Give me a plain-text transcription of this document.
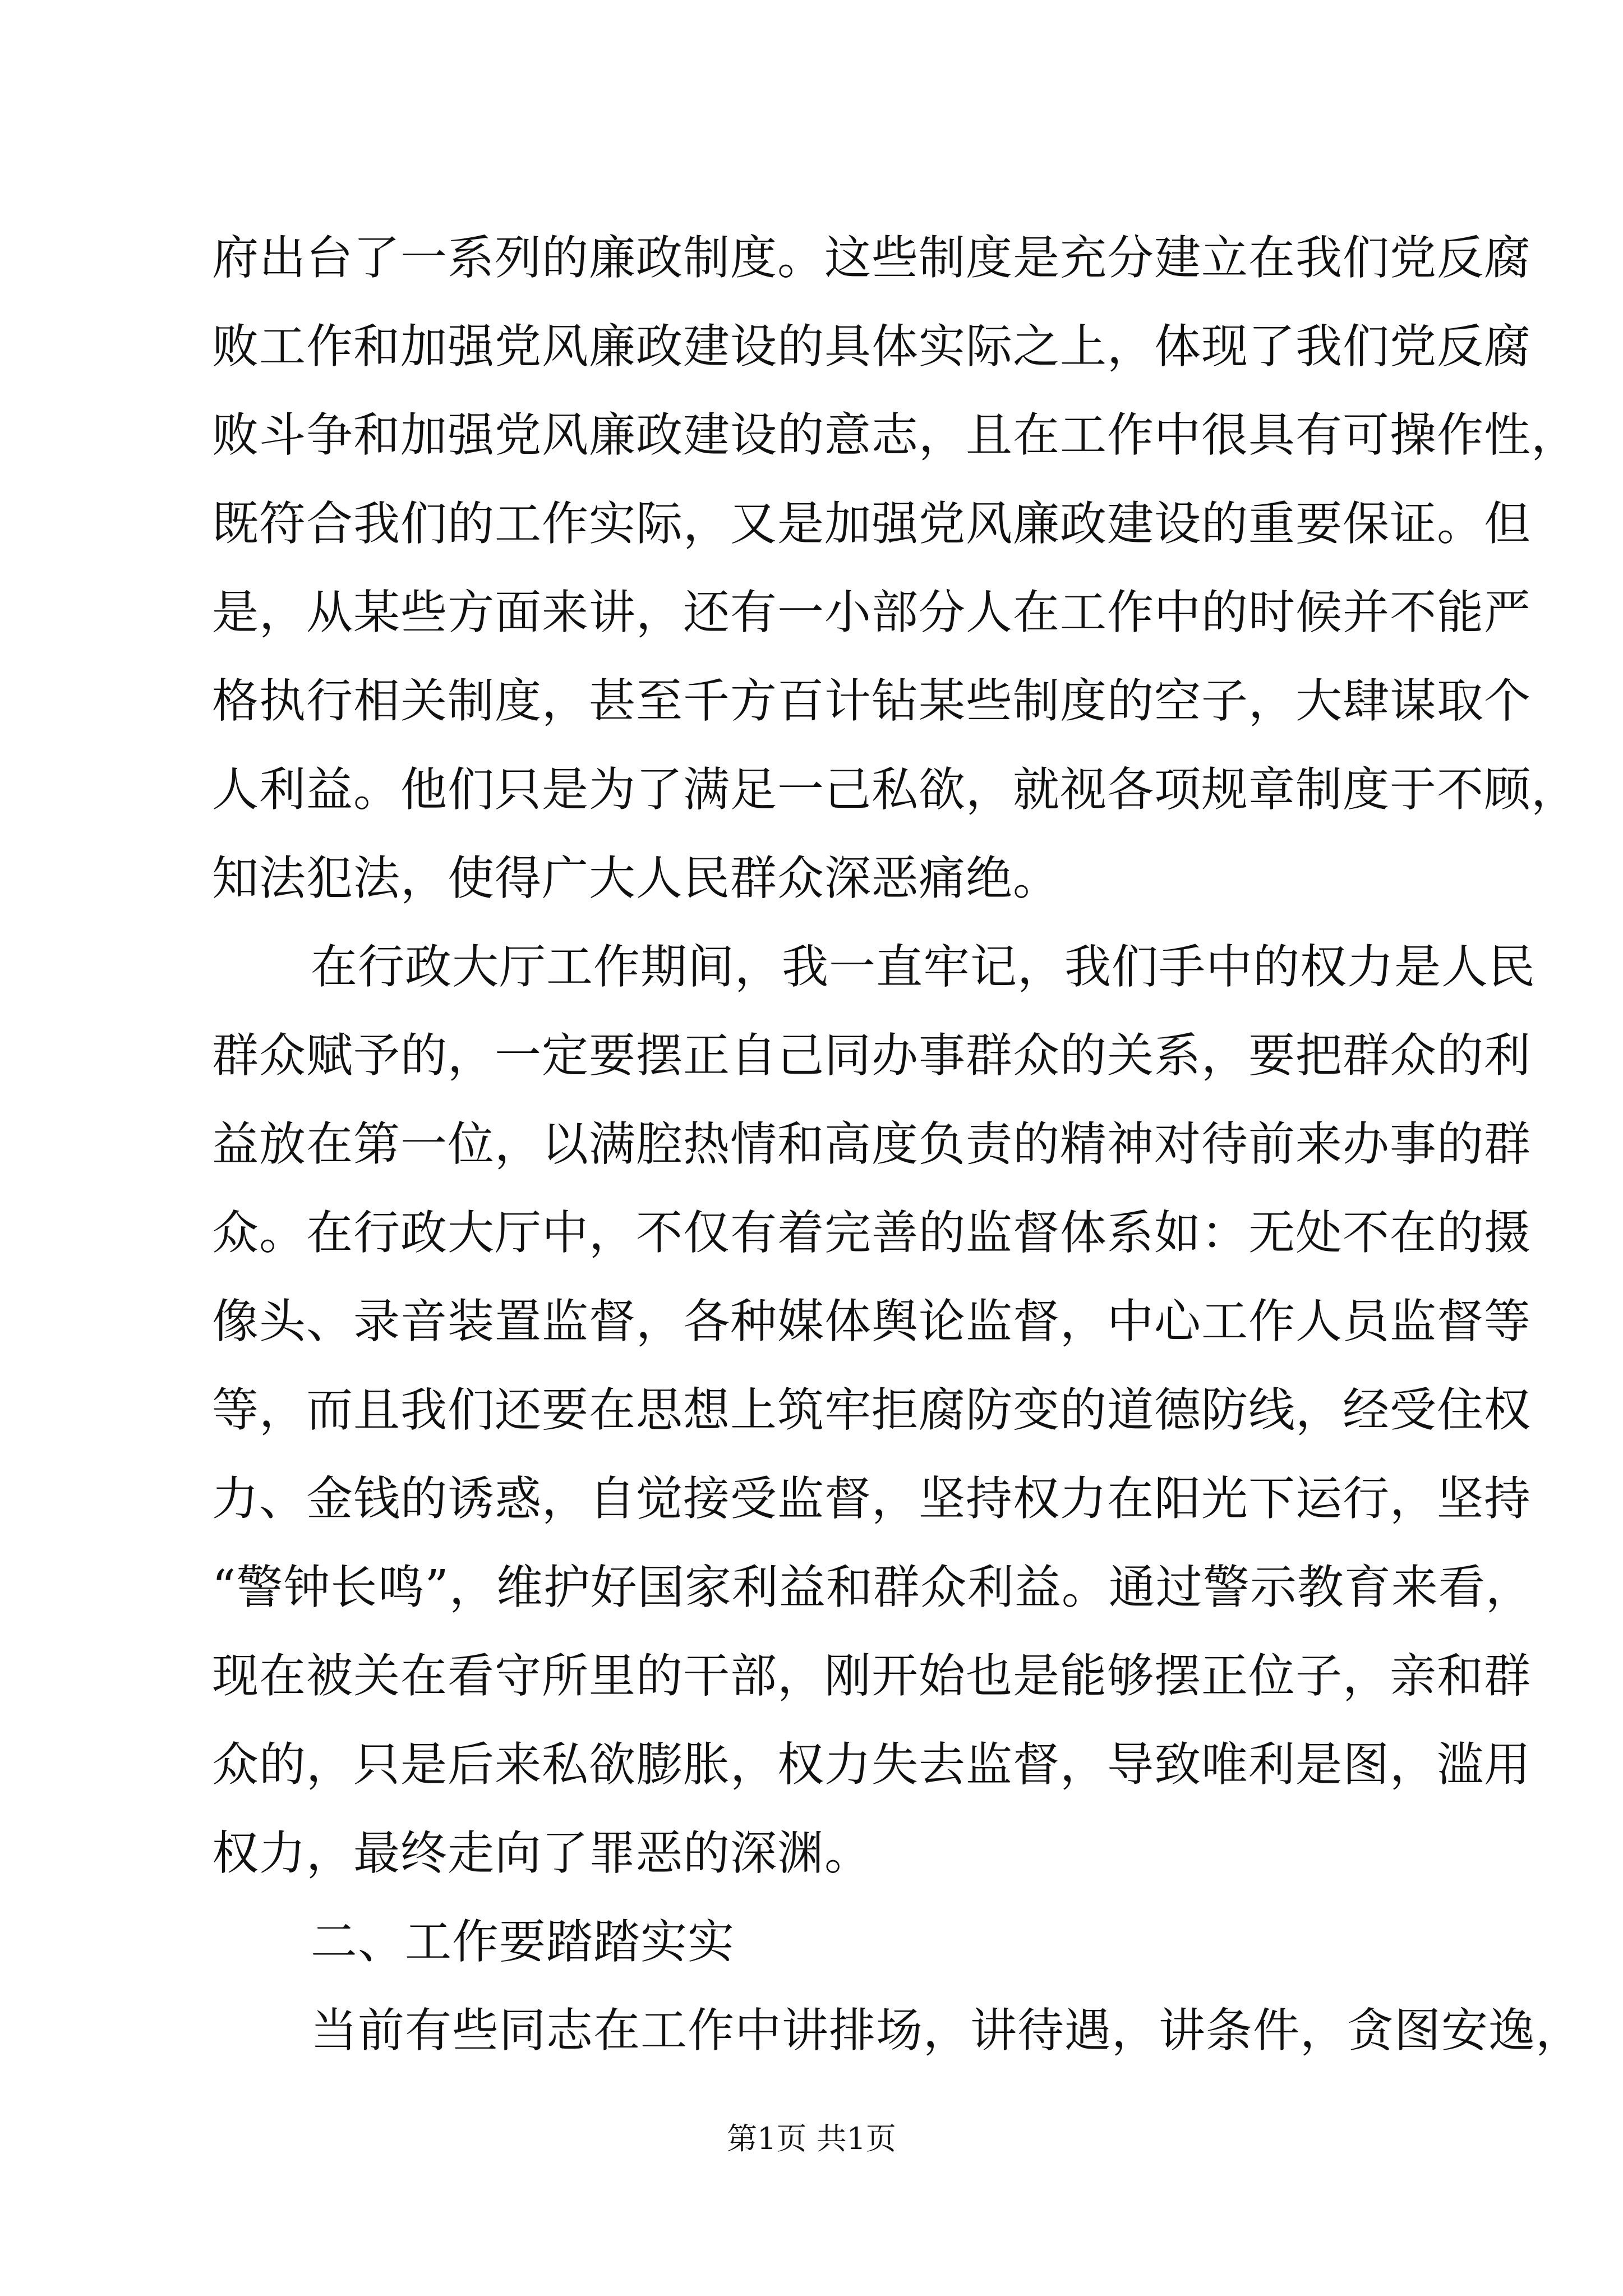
府出台了一系列的廉政制度。这些制度是充分建立在我们党反腐
败工作和加强党风廉政建设的具体实际之上，体现了我们党反腐
败斗争和加强党风廉政建设的意志，且在工作中很具有可操作性，
既符合我们的工作实际，又是加强党风廉政建设的重要保证。但
是，从某些方面来讲，还有一小部分人在工作中的时候并不能严
格执行相关制度，甚至千方百计钻某些制度的空子，大肆谋取个
人利益。他们只是为了满足一己私欲，就视各项规章制度于不顾，
知法犯法，使得广大人民群众深恶痛绝。
在行政大厅工作期间，我一直牢记，我们手中的权力是人民
群众赋予的，一定要摆正自己同办事群众的关系，要把群众的利
益放在第一位，以满腔热情和高度负责的精神对待前来办事的群
众。在行政大厅中，不仅有着完善的监督体系如：无处不在的摄
像头、录音装置监督，各种媒体舆论监督，中心工作人员监督等
等，而且我们还要在思想上筑牢拒腐防变的道德防线，经受住权
力、金钱的诱惑，自觉接受监督，坚持权力在阳光下运行，坚持
“警钟长鸣”，维护好国家利益和群众利益。通过警示教育来看，
现在被关在看守所里的干部，刚开始也是能够摆正位子，亲和群
众的，只是后来私欲膨胀，权力失去监督，导致唯利是图，滥用
权力，最终走向了罪恶的深渊。
二、工作要踏踏实实
当前有些同志在工作中讲排场，讲待遇，讲条件，贪图安逸，
第1页 共1页
